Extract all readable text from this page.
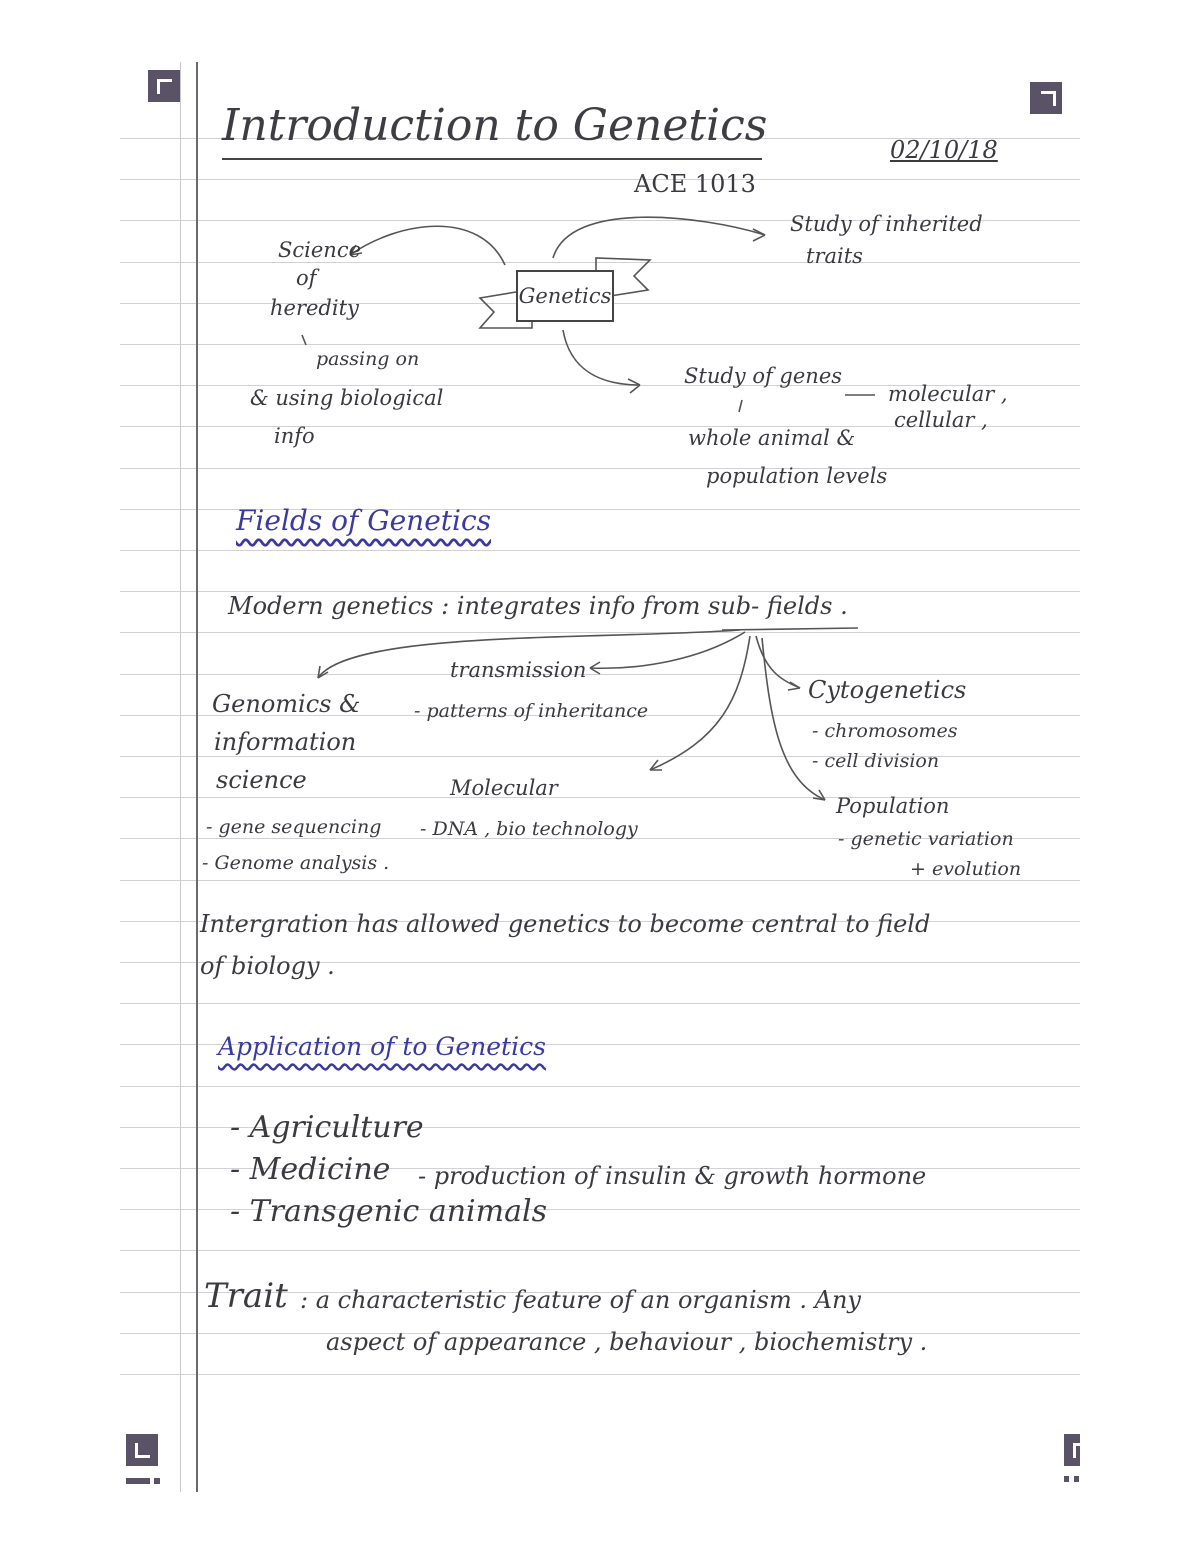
Introduction to Genetics	02/10/18
ACE 1013
Genetics
Science
of
heredity
passing on
& using biological
info
Study of inherited
traits
Study of genes
whole animal &
population levels
molecular ,
cellular ,
Fields of Genetics
Modern genetics : integrates info from sub- fields .
transmission
- patterns of inheritance
Genomics &
information
science
- gene sequencing
- Genome analysis .
Molecular
- DNA , bio technology
Cytogenetics
- chromosomes
- cell division
Population
- genetic variation
+ evolution
Intergration has allowed genetics to become central to field
of biology .
Application of to Genetics
- Agriculture
- Medicine - production of insulin & growth hormone
- Transgenic animals
Trait : a characteristic feature of an organism . Any
aspect of appearance , behaviour , biochemistry .
